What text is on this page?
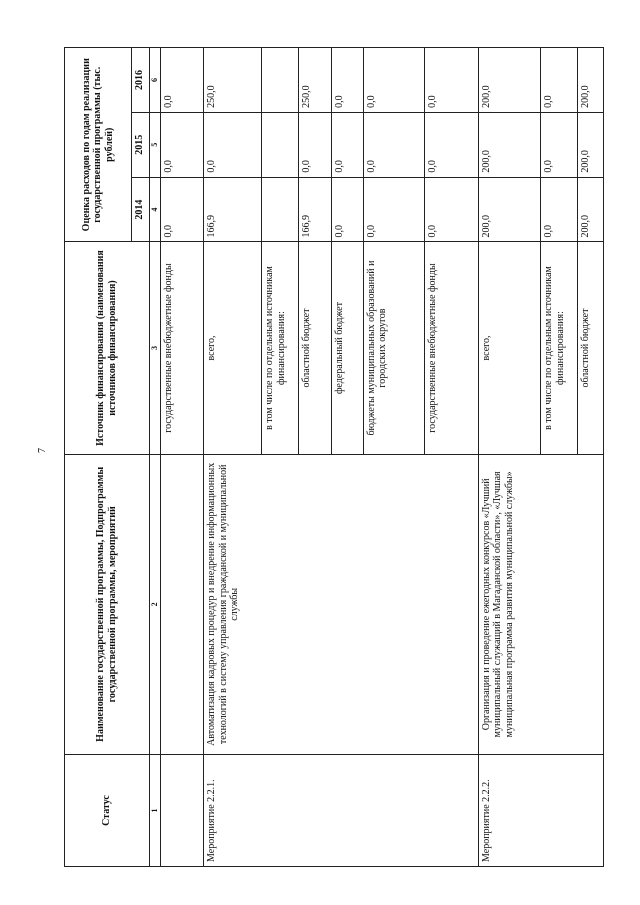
7
Статус	Наименование государственной программы, Подпрограммы государственной программы, мероприятий	Источник финансирования (наименования источников финансирования)	Оценка расходов по годам реализации государственной программы (тыс. рублей)		
			2014	2015	2016
1	2	3	4	5	6
		государственные внебюджетные фонды	0,0	0,0	0,0
Мероприятие 2.2.1.	Автоматизация кадровых процедур и внедрение информационных технологий в систему управления гражданской и муниципальной службы	всего,	166,9	0,0	250,0
		в том числе по отдельным источникам финансирования:			
		областной бюджет	166,9	0,0	250,0
		федеральный бюджет	0,0	0,0	0,0
		бюджеты муниципальных образований и городских округов	0,0	0,0	0,0
		государственные внебюджетные фонды	0,0	0,0	0,0
Мероприятие 2.2.2.	Организация и проведение ежегодных конкурсов «Лучший муниципальный служащий в Магаданской области», «Лучшая муниципальная программа развития муниципальной службы»	всего,	200,0	200,0	200,0
		в том числе по отдельным источникам финансирования:	0,0	0,0	0,0
		областной бюджет	200,0	200,0	200,0
